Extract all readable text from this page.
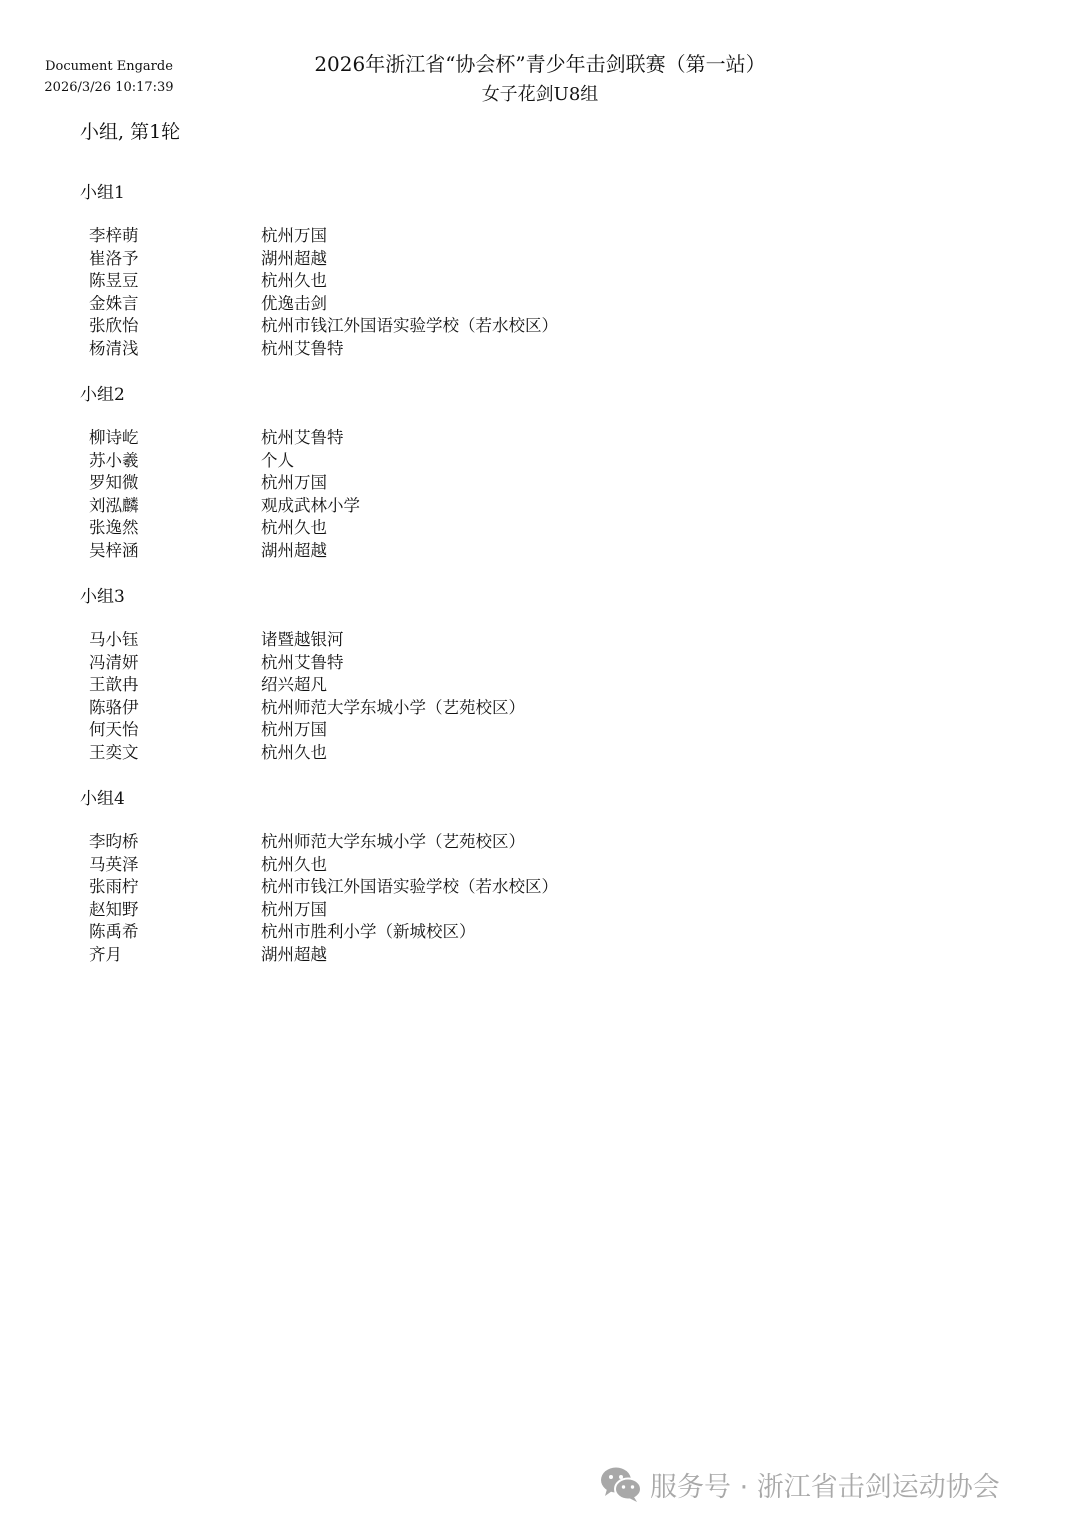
Document Engarde
2026/3/26 10:17:39
2026年浙江省“协会杯”青少年击剑联赛（第一站）
女子花剑U8组
小组, 第1轮
小组1
李梓萌	杭州万国
崔洛予	湖州超越
陈昱豆	杭州久也
金姝言	优逸击剑
张欣怡	杭州市钱江外国语实验学校（若水校区）
杨清浅	杭州艾鲁特
小组2
柳诗屹	杭州艾鲁特
苏小羲	个人
罗知微	杭州万国
刘泓麟	观成武林小学
张逸然	杭州久也
吴梓涵	湖州超越
小组3
马小钰	诸暨越银河
冯清妍	杭州艾鲁特
王歆冉	绍兴超凡
陈骆伊	杭州师范大学东城小学（艺苑校区）
何天怡	杭州万国
王奕文	杭州久也
小组4
李昀桥	杭州师范大学东城小学（艺苑校区）
马英泽	杭州久也
张雨柠	杭州市钱江外国语实验学校（若水校区）
赵知野	杭州万国
陈禹希	杭州市胜利小学（新城校区）
齐月	湖州超越
服务号 · 浙江省击剑运动协会
